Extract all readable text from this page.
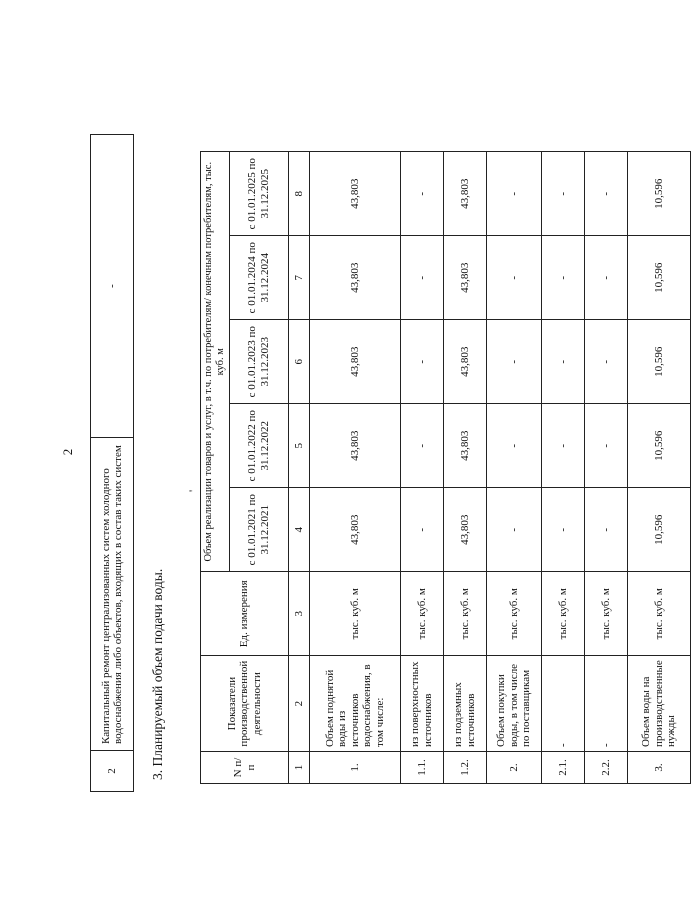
2
2	Капитальный ремонт централизованных систем холодного водоснабжения либо объектов, входящих в состав таких систем	-
3. Планируемый объем подачи воды.
'
N п/п	Показатели производственной деятельности	Ед. измерения	Объем реализации товаров и услуг, в т.ч. по потребителям/ конечным потребителям, тыс. куб. м				
			с 01.01.2021 по 31.12.2021	с 01.01.2022 по 31.12.2022	с 01.01.2023 по 31.12.2023	с 01.01.2024 по 31.12.2024	с 01.01.2025 по 31.12.2025
1	2	3	4	5	6	7	8
1.	Объем поднятой воды из источников водоснабжения, в том числе:	тыс. куб. м	43,803	43,803	43,803	43,803	43,803
1.1.	из поверхностных источников	тыс. куб. м	-	-	-	-	-
1.2.	из подземных источников	тыс. куб. м	43,803	43,803	43,803	43,803	43,803
2.	Объем покупки воды, в том числе по поставщикам	тыс. куб. м	-	-	-	-	-
2.1.	-	тыс. куб. м	-	-	-	-	-
2.2.	-	тыс. куб. м	-	-	-	-	-
3.	Объем воды на производственные нужды	тыс. куб. м	10,596	10,596	10,596	10,596	10,596
